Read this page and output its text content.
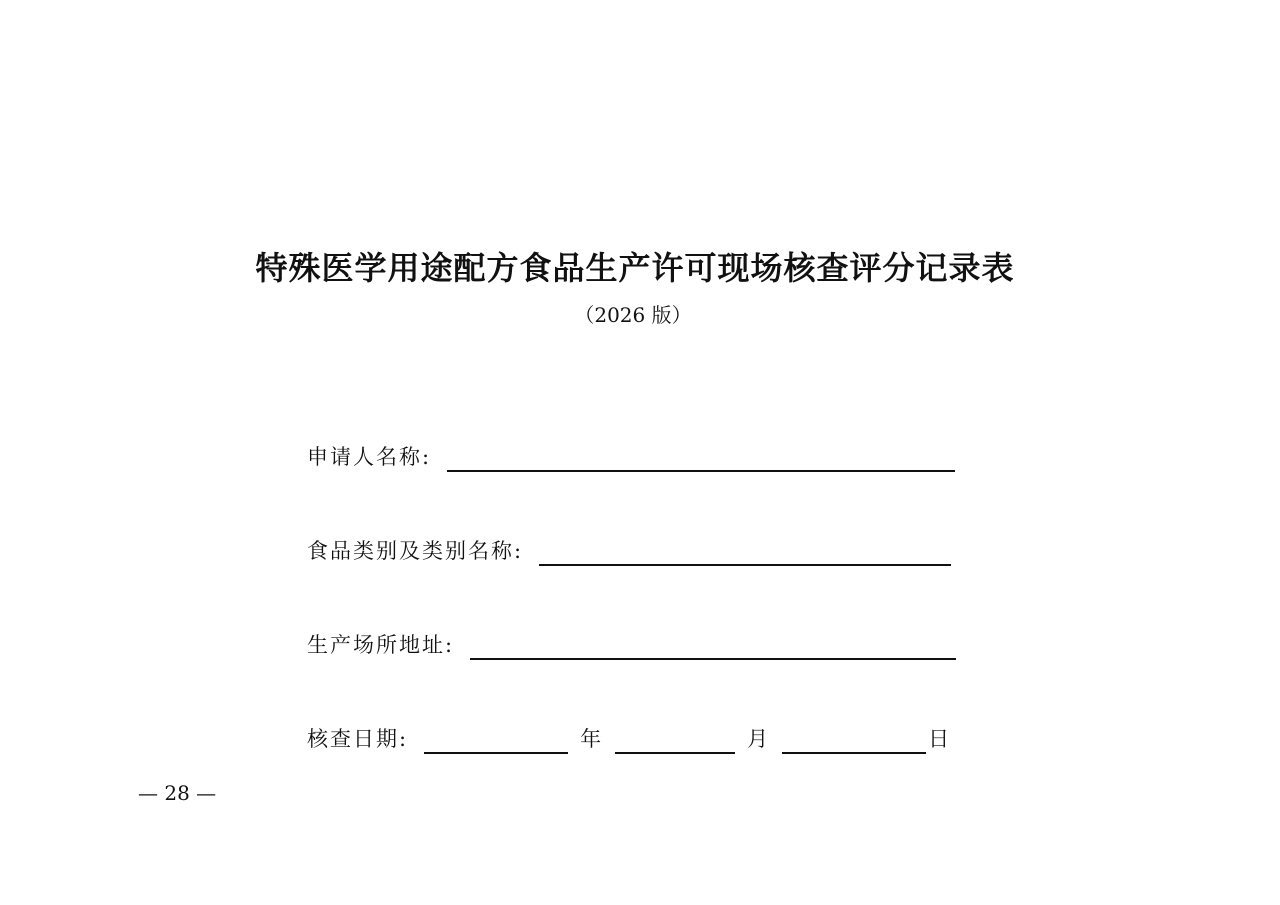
特殊医学用途配方食品生产许可现场核查评分记录表
（2026 版）
申请人名称:
食品类别及类别名称:
生产场所地址:
核查日期:	年	月	日
— 28 —
